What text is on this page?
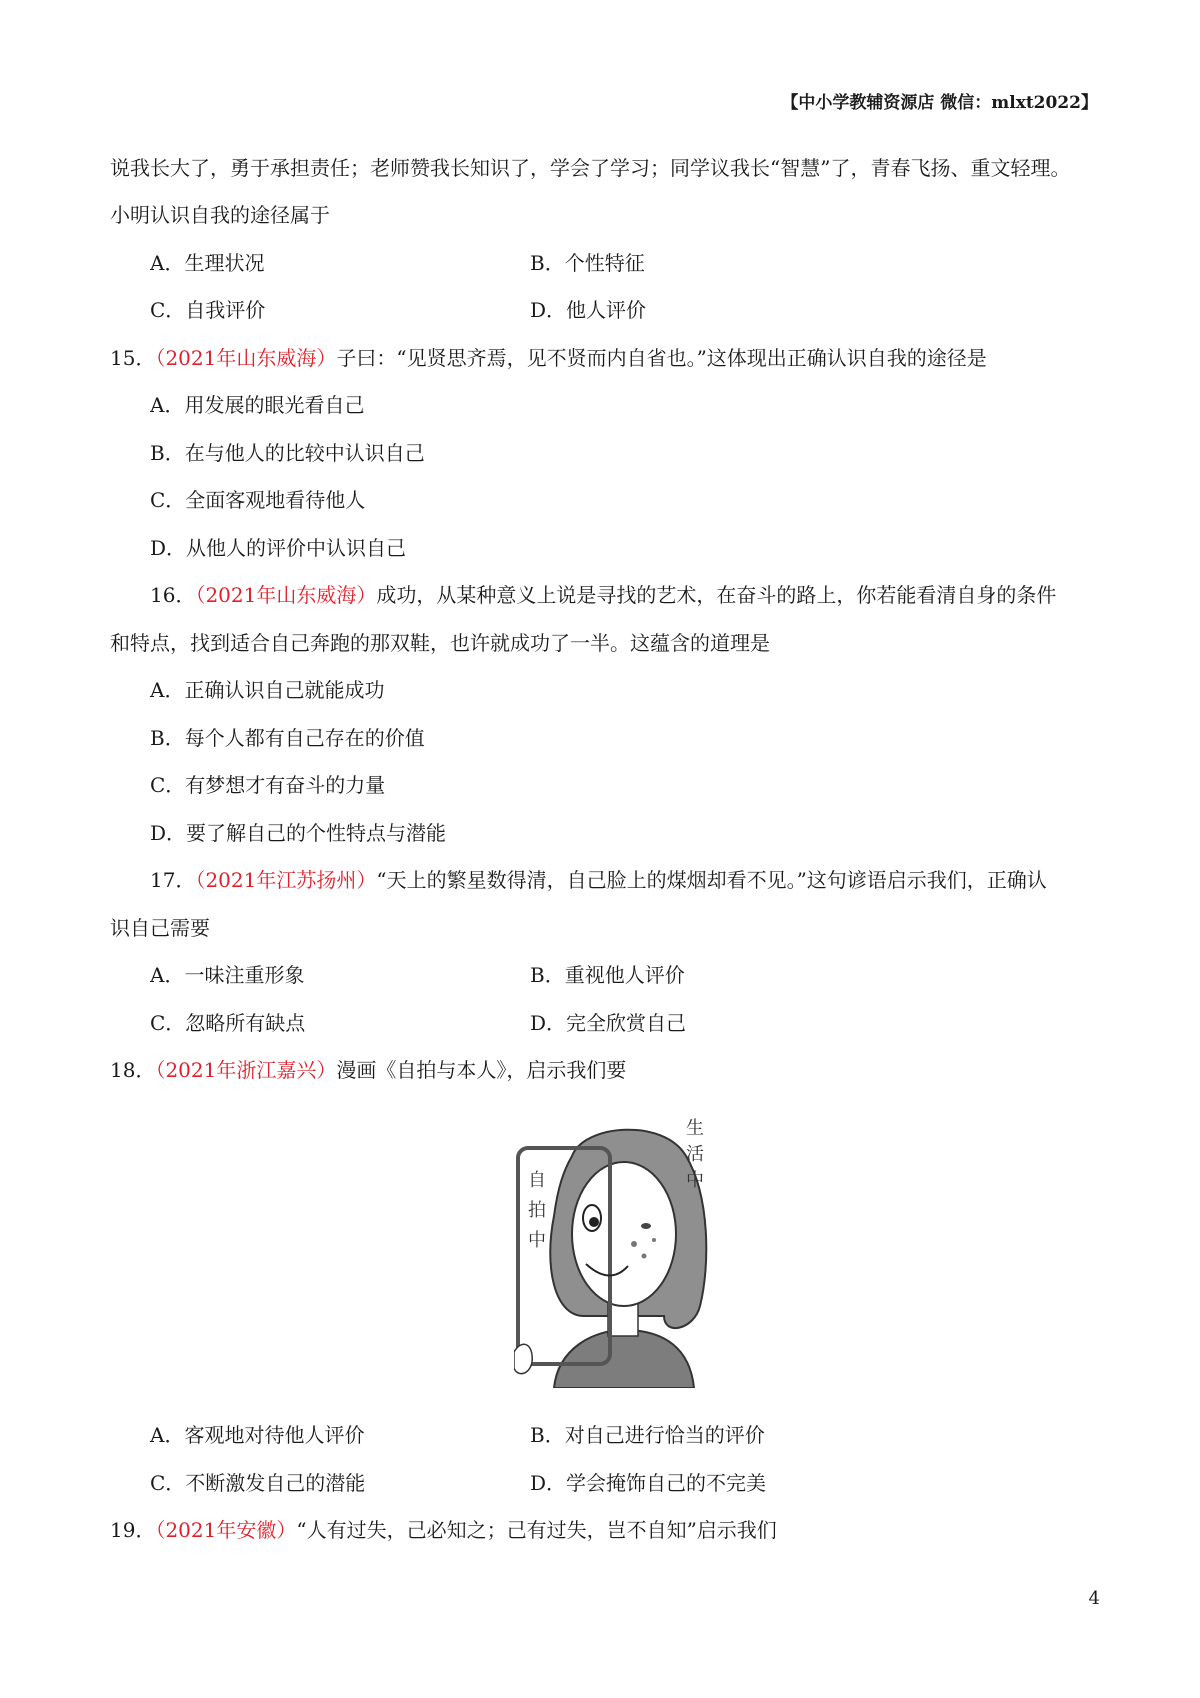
【中小学教辅资源店 微信：mlxt2022】
说我长大了，勇于承担责任；老师赞我长知识了，学会了学习；同学议我长“智慧”了，青春飞扬、重文轻理。
小明认识自我的途径属于
A．生理状况	B．个性特征
C．自我评价	D．他人评价
15．（2021年山东威海）子曰：“见贤思齐焉，见不贤而内自省也。”这体现出正确认识自我的途径是
A．用发展的眼光看自己
B．在与他人的比较中认识自己
C．全面客观地看待他人
D．从他人的评价中认识自己
16．（2021年山东威海）成功，从某种意义上说是寻找的艺术，在奋斗的路上，你若能看清自身的条件
和特点，找到适合自己奔跑的那双鞋，也许就成功了一半。这蕴含的道理是
A．正确认识自己就能成功
B．每个人都有自己存在的价值
C．有梦想才有奋斗的力量
D．要了解自己的个性特点与潜能
17．（2021年江苏扬州）“天上的繁星数得清，自己脸上的煤烟却看不见。”这句谚语启示我们，正确认
识自己需要
A．一味注重形象	B．重视他人评价
C．忽略所有缺点	D．完全欣赏自己
18．（2021年浙江嘉兴）漫画《自拍与本人》，启示我们要
A．客观地对待他人评价	B．对自己进行恰当的评价
C．不断激发自己的潜能	D．学会掩饰自己的不完美
19．（2021年安徽）“人有过失，己必知之；己有过失，岂不自知”启示我们
自 拍 中
生 活 中
4
